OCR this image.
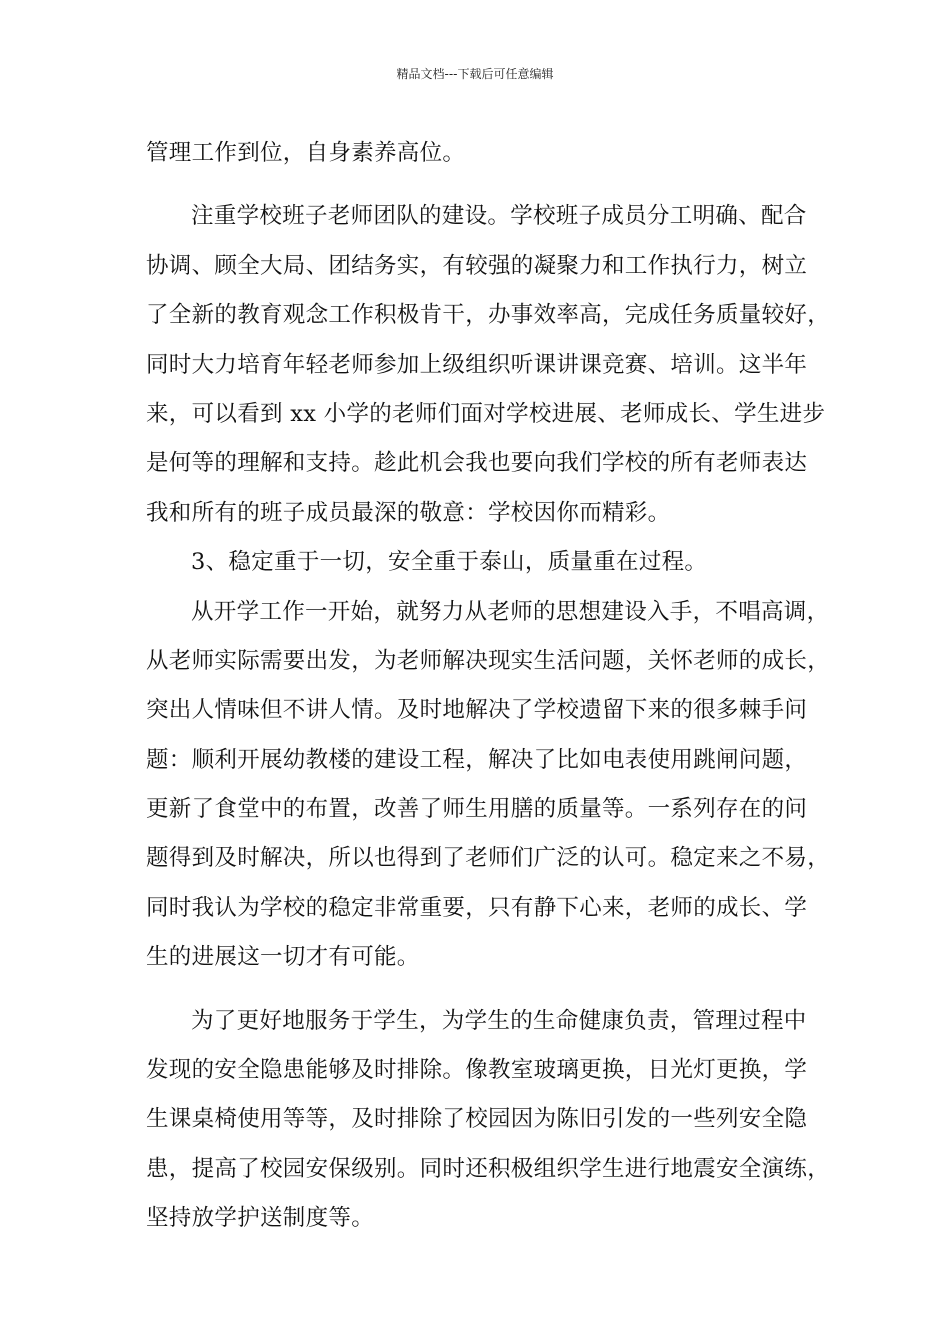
精品文档---下载后可任意编辑
管理工作到位，自身素养高位。
注重学校班子老师团队的建设。学校班子成员分工明确、配合
协调、顾全大局、团结务实，有较强的凝聚力和工作执行力，树立
了全新的教育观念工作积极肯干，办事效率高，完成任务质量较好，
同时大力培育年轻老师参加上级组织听课讲课竞赛、培训。这半年
来，可以看到 xx 小学的老师们面对学校进展、老师成长、学生进步
是何等的理解和支持。趁此机会我也要向我们学校的所有老师表达
我和所有的班子成员最深的敬意：学校因你而精彩。
3、稳定重于一切，安全重于泰山，质量重在过程。
从开学工作一开始，就努力从老师的思想建设入手，不唱高调，
从老师实际需要出发，为老师解决现实生活问题，关怀老师的成长，
突出人情味但不讲人情。及时地解决了学校遗留下来的很多棘手问
题：顺利开展幼教楼的建设工程，解决了比如电表使用跳闸问题，
更新了食堂中的布置，改善了师生用膳的质量等。一系列存在的问
题得到及时解决，所以也得到了老师们广泛的认可。稳定来之不易，
同时我认为学校的稳定非常重要，只有静下心来，老师的成长、学
生的进展这一切才有可能。
为了更好地服务于学生，为学生的生命健康负责，管理过程中
发现的安全隐患能够及时排除。像教室玻璃更换，日光灯更换，学
生课桌椅使用等等，及时排除了校园因为陈旧引发的一些列安全隐
患，提高了校园安保级别。同时还积极组织学生进行地震安全演练，
坚持放学护送制度等。
